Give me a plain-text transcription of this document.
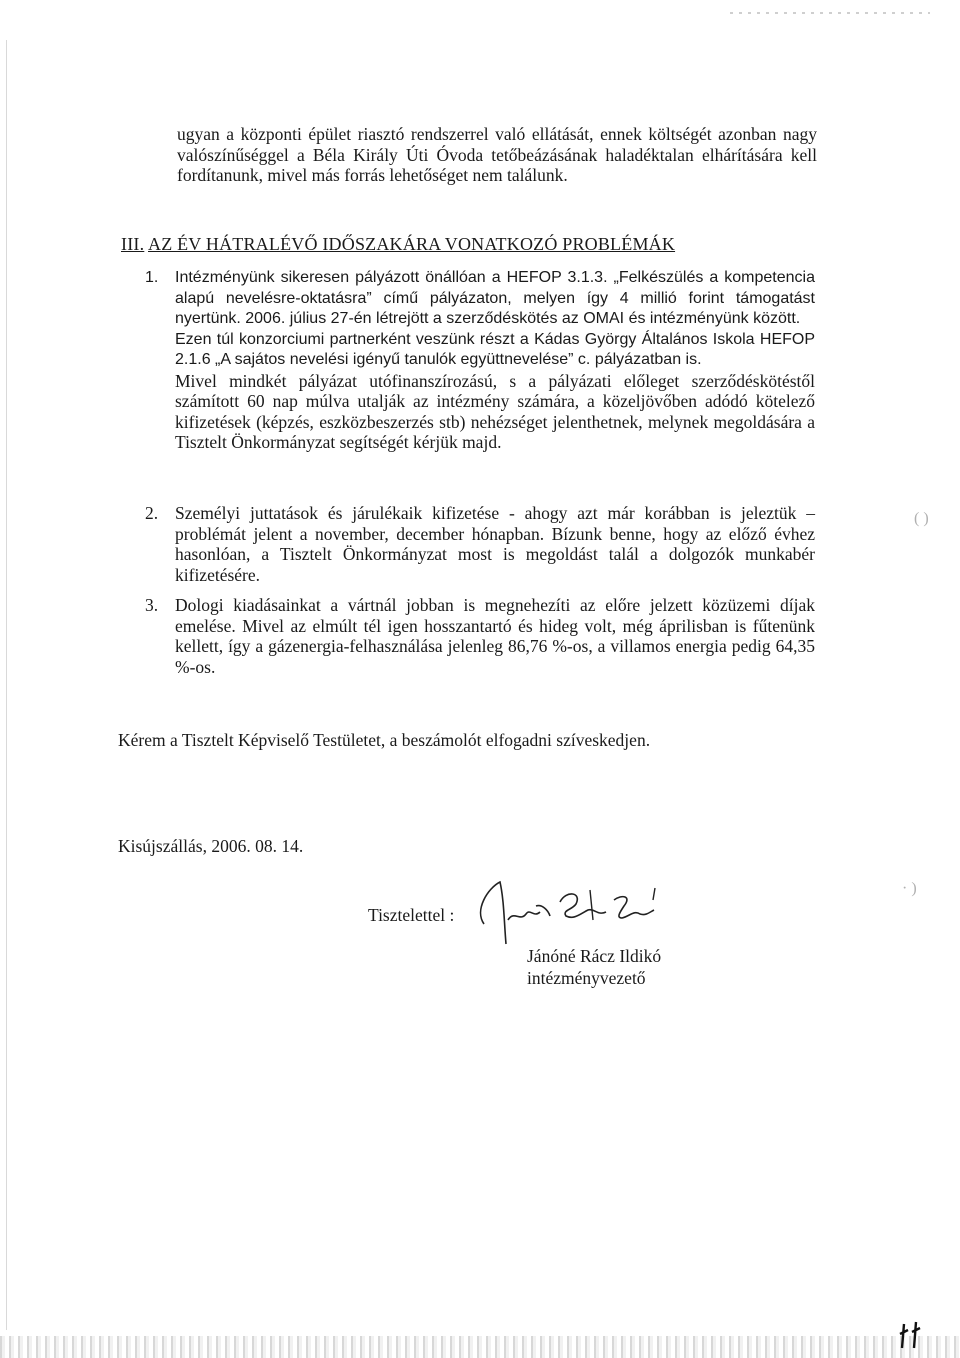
ugyan a központi épület riasztó rendszerrel való ellátását, ennek költségét azonban nagy valószínűséggel a Béla Király Úti Óvoda tetőbeázásának haladéktalan elhárítására kell fordítanunk, mivel más forrás lehetőséget nem találunk.

III. AZ ÉV HÁTRALÉVŐ IDŐSZAKÁRA VONATKOZÓ PROBLÉMÁK
1.	Intézményünk sikeresen pályázott önállóan a HEFOP 3.1.3. „Felkészülés a kompetencia alapú nevelésre-oktatásra” című pályázaton, melyen így 4 millió forint támogatást nyertünk. 2006. július 27-én létrejött a szerződéskötés az OMAI és intézményünk között.

Ezen túl konzorciumi partnerként veszünk részt a Kádas György Általános Iskola HEFOP 2.1.6 „A sajátos nevelési igényű tanulók együttnevelése” c. pályázatban is.

Mivel mindkét pályázat utófinanszírozású, s a pályázati előleget szerződéskötéstől számított 60 nap múlva utalják az intézmény számára, a közeljövőben adódó kötelező kifizetések (képzés, eszközbeszerzés stb) nehézséget jelenthetnek, melynek megoldására a Tisztelt Önkormányzat segítségét kérjük majd.

2. Személyi juttatások és járulékaik kifizetése - ahogy azt már korábban is jeleztük – problémát jelent a november, december hónapban. Bízunk benne, hogy az előző évhez hasonlóan, a Tisztelt Önkormányzat most is megoldást talál a dolgozók munkabér kifizetésére.
3. Dologi kiadásainkat a vártnál jobban is megnehezíti az előre jelzett közüzemi díjak emelése. Mivel az elmúlt tél igen hosszantartó és hideg volt, még áprilisban is fűtenünk kellett, így a gázenergia-felhasználása jelenleg 86,76 %-os, a villamos energia pedig 64,35 %-os.

Kérem a Tisztelt Képviselő Testületet, a beszámolót elfogadni szíveskedjen.

Kisújszállás, 2006. 08. 14.

Tisztelettel :

Jánóné Rácz Ildikó

intézményvezető

( )
· )
